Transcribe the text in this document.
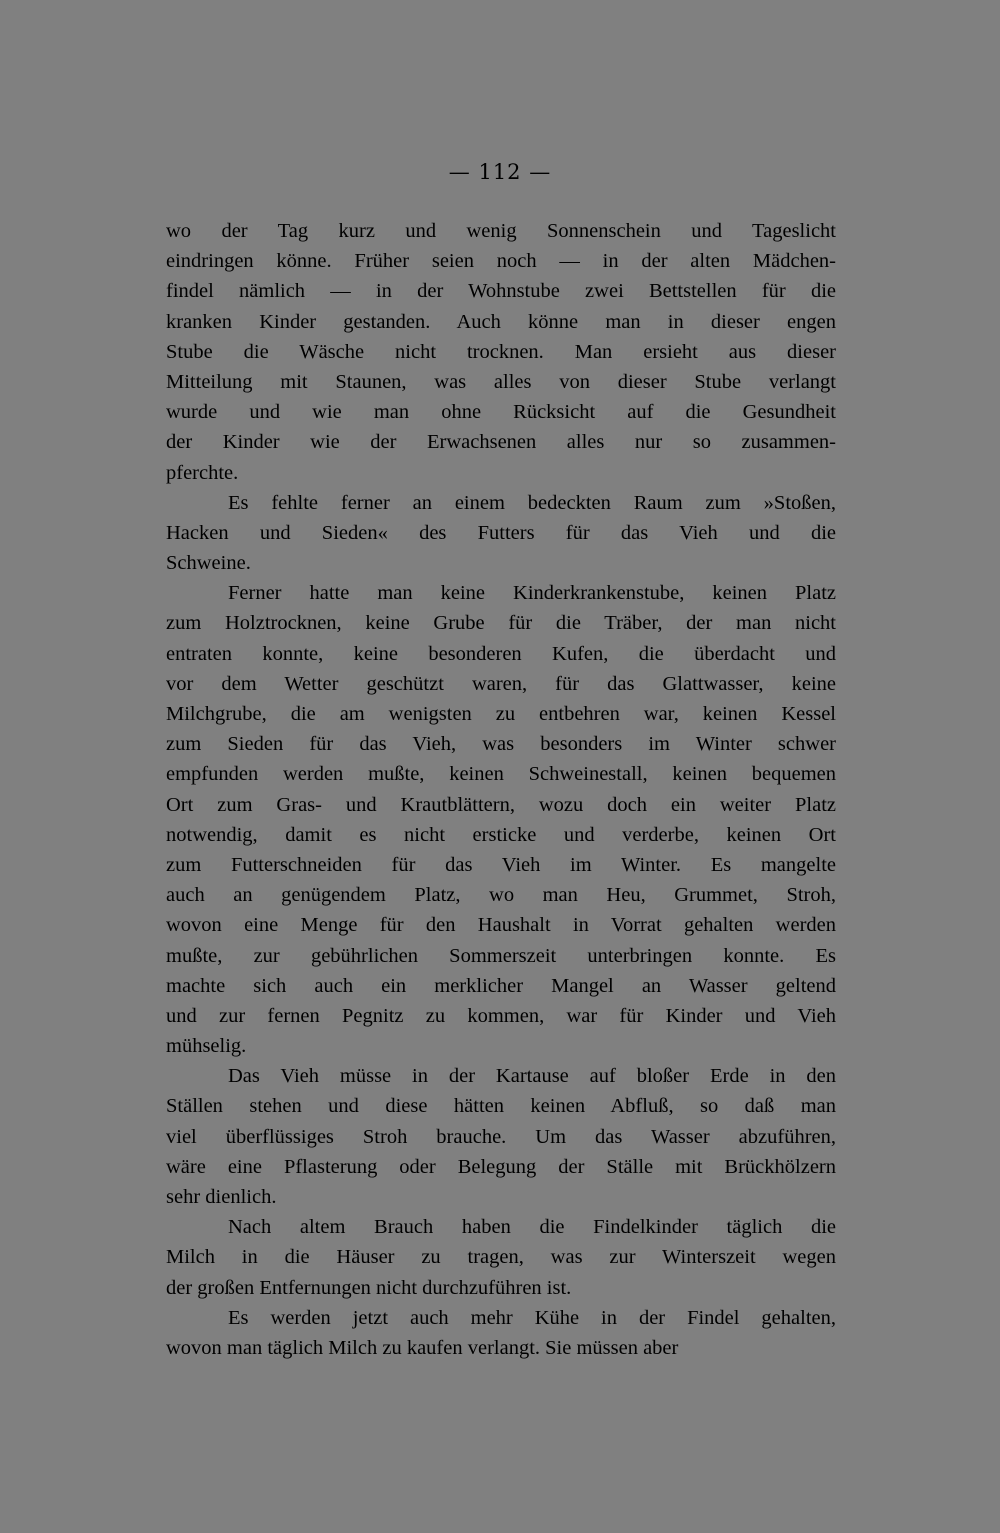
— 112 —
wo der Tag kurz und wenig Sonnenschein und Tageslicht
eindringen könne. Früher seien noch — in der alten Mädchen-
findel nämlich — in der Wohnstube zwei Bettstellen für die
kranken Kinder gestanden. Auch könne man in dieser engen
Stube die Wäsche nicht trocknen. Man ersieht aus dieser
Mitteilung mit Staunen, was alles von dieser Stube verlangt
wurde und wie man ohne Rücksicht auf die Gesundheit
der Kinder wie der Erwachsenen alles nur so zusammen-
pferchte.
Es fehlte ferner an einem bedeckten Raum zum »Stoßen,
Hacken und Sieden« des Futters für das Vieh und die
Schweine.
Ferner hatte man keine Kinderkrankenstube, keinen Platz
zum Holztrocknen, keine Grube für die Träber, der man nicht
entraten konnte, keine besonderen Kufen, die überdacht und
vor dem Wetter geschützt waren, für das Glattwasser, keine
Milchgrube, die am wenigsten zu entbehren war, keinen Kessel
zum Sieden für das Vieh, was besonders im Winter schwer
empfunden werden mußte, keinen Schweinestall, keinen bequemen
Ort zum Gras- und Krautblättern, wozu doch ein weiter Platz
notwendig, damit es nicht ersticke und verderbe, keinen Ort
zum Futterschneiden für das Vieh im Winter. Es mangelte
auch an genügendem Platz, wo man Heu, Grummet, Stroh,
wovon eine Menge für den Haushalt in Vorrat gehalten werden
mußte, zur gebührlichen Sommerszeit unterbringen konnte. Es
machte sich auch ein merklicher Mangel an Wasser geltend
und zur fernen Pegnitz zu kommen, war für Kinder und Vieh
mühselig.
Das Vieh müsse in der Kartause auf bloßer Erde in den
Ställen stehen und diese hätten keinen Abfluß, so daß man
viel überflüssiges Stroh brauche. Um das Wasser abzuführen,
wäre eine Pflasterung oder Belegung der Ställe mit Brückhölzern
sehr dienlich.
Nach altem Brauch haben die Findelkinder täglich die
Milch in die Häuser zu tragen, was zur Winterszeit wegen
der großen Entfernungen nicht durchzuführen ist.
Es werden jetzt auch mehr Kühe in der Findel gehalten,
wovon man täglich Milch zu kaufen verlangt. Sie müssen aber
